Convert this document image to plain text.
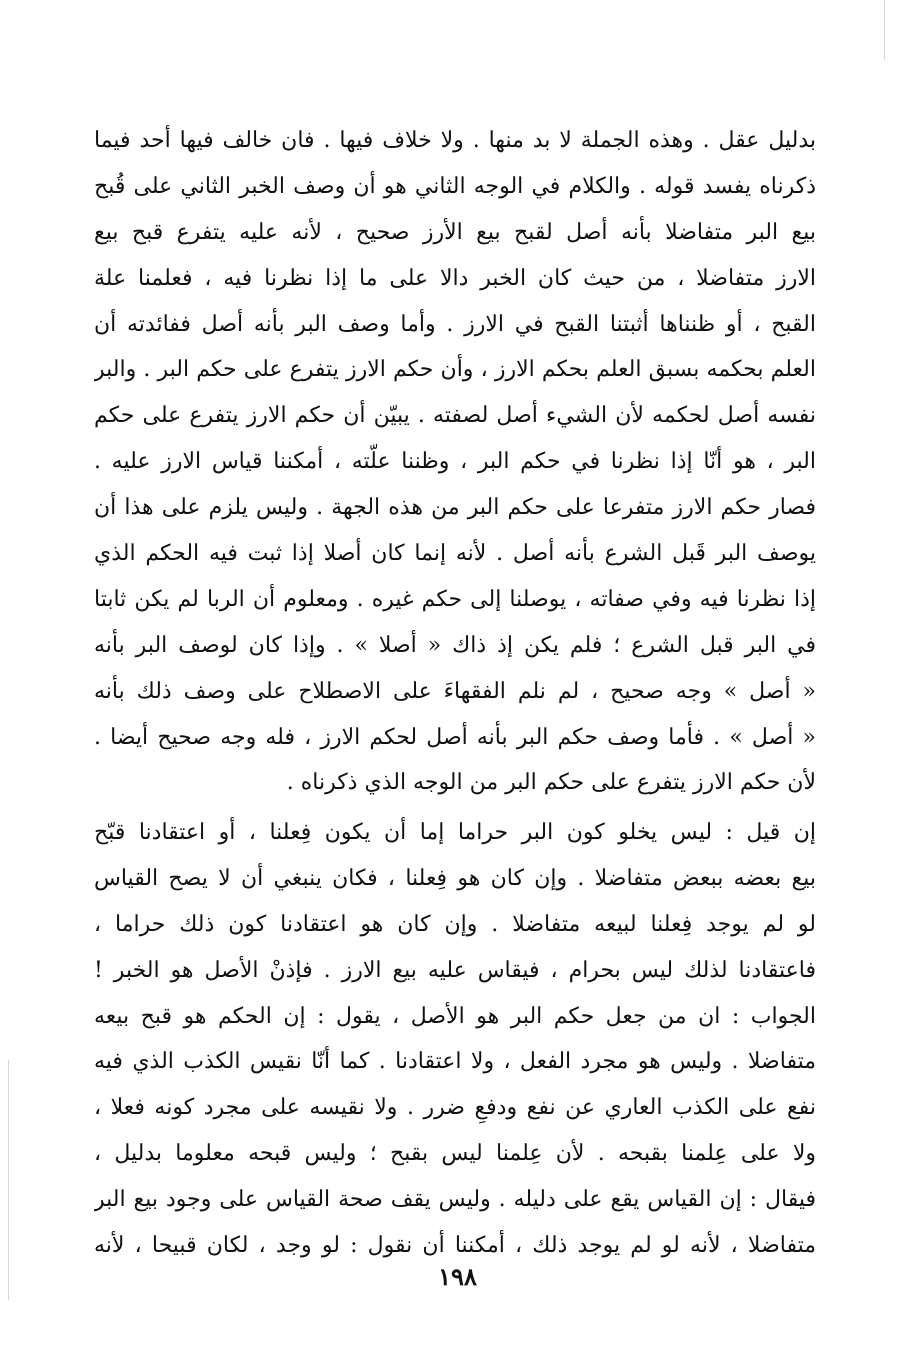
بدليل عقل . وهذه الجملة لا بد منها . ولا خلاف فيها . فان خالف فيها أحد فيما
ذكرناه يفسد قوله . والكلام في الوجه الثاني هو أن وصف الخبر الثاني على قُبح
بيع البر متفاضلا بأنه أصل لقبح بيع الأرز صحيح ، لأنه عليه يتفرع قبح بيع
الارز متفاضلا ، من حيث كان الخبر دالا على ما إذا نظرنا فيه ، فعلمنا علة
القبح ، أو ظنناها أثبتنا القبح في الارز . وأما وصف البر بأنه أصل ففائدته أن
العلم بحكمه بسبق العلم بحكم الارز ، وأن حكم الارز يتفرع على حكم البر . والبر
نفسه أصل لحكمه لأن الشيء أصل لصفته . يبيّن أن حكم الارز يتفرع على حكم
البر ، هو أنّا إذا نظرنا في حكم البر ، وظننا علّته ، أمكننا قياس الارز عليه .
فصار حكم الارز متفرعا على حكم البر من هذه الجهة . وليس يلزم على هذا أن
يوصف البر قَبل الشرع بأنه أصل . لأنه إنما كان أصلا إذا ثبت فيه الحكم الذي
إذا نظرنا فيه وفي صفاته ، يوصلنا إلى حكم غيره . ومعلوم أن الربا لم يكن ثابتا
في البر قبل الشرع ؛ فلم يكن إذ ذاك « أصلا » . وإذا كان لوصف البر بأنه
« أصل » وجه صحيح ، لم نلم الفقهاءَ على الاصطلاح على وصف ذلك بأنه
« أصل » . فأما وصف حكم البر بأنه أصل لحكم الارز ، فله وجه صحيح أيضا .
لأن حكم الارز يتفرع على حكم البر من الوجه الذي ذكرناه .
إن قيل : ليس يخلو كون البر حراما إما أن يكون فِعلنا ، أو اعتقادنا قبّح
بيع بعضه ببعض متفاضلا . وإن كان هو فِعلنا ، فكان ينبغي أن لا يصح القياس
لو لم يوجد فِعلنا لبيعه متفاضلا . وإن كان هو اعتقادنا كون ذلك حراما ،
فاعتقادنا لذلك ليس بحرام ، فيقاس عليه بيع الارز . فإذنْ الأصل هو الخبر !
الجواب : ان من جعل حكم البر هو الأصل ، يقول : إن الحكم هو قبح بيعه
متفاضلا . وليس هو مجرد الفعل ، ولا اعتقادنا . كما أنّا نقيس الكذب الذي فيه
نفع على الكذب العاري عن نفع ودفعِ ضرر . ولا نقيسه على مجرد كونه فعلا ،
ولا على عِلمنا بقبحه . لأن عِلمنا ليس بقبح ؛ وليس قبحه معلوما بدليل ،
فيقال : إن القياس يقع على دليله . وليس يقف صحة القياس على وجود بيع البر
متفاضلا ، لأنه لو لم يوجد ذلك ، أمكننا أن نقول : لو وجد ، لكان قبيحا ، لأنه
١٩٨
